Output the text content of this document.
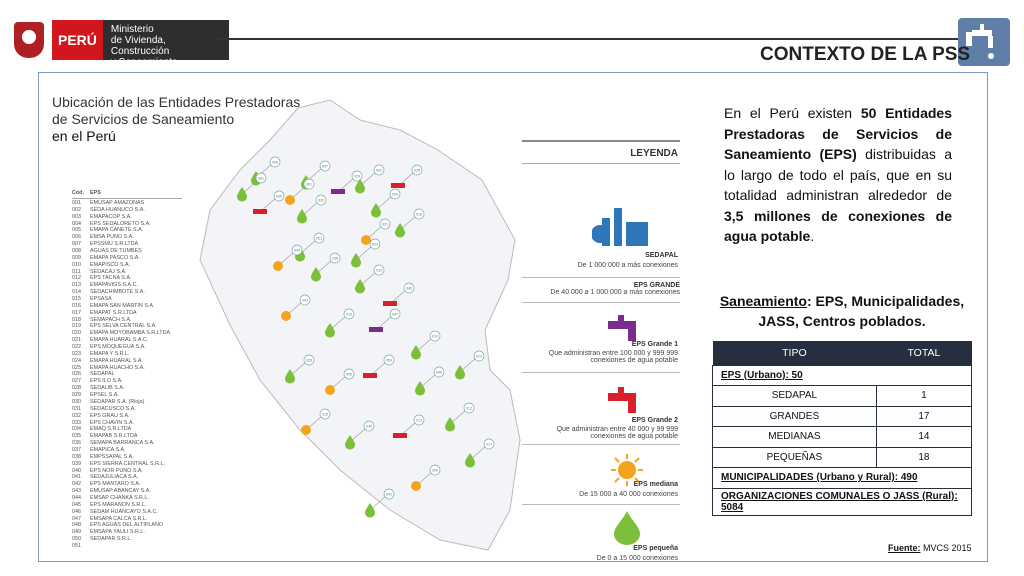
PERÚ
Ministerio
de Vivienda, Construcción
y Saneamiento	CONTEXTO DE LA PSS
Ubicación de las Entidades Prestadoras
de Servicios de Saneamiento
en el Perú
Cód.	EPS
001	EMUSAP AMAZONAS
002	SEDA HUANUCO S.A.
003	EMAPACOP S.A.
004	EPS SEDALORETO S.A.
005	EMAPA CAÑETE S.A.
006	EMSA PUNO S.A.
007	EPSSMU S.R.LTDA
008	AGUAS DE TUMBES
009	EMAPA PASCO S.A.
010	EMAPISCO S.A.
011	SEDACAJ S.A.
012	EPS TACNA S.A.
013	EMAPAVIGS S.A.C.
014	SEDACHIMBOTE S.A.
015	EPSASA
016	EMAPA SAN MARTIN S.A.
017	EMAPAT S.R.LTDA
018	SEMAPACH S.A.
019	EPS SELVA CENTRAL S.A.
020	EMAPA MOYOBAMBA S.R.LTDA
021	EMAPA HUARAL S.A.C.
022	EPS MOQUEGUA S.A.
023	EMAPA Y S.R.L.
024	EMAPA HUARAL S.A.
025	EMAPA HUACHO S.A.
026	SEDAPAL
027	EPS ILO S.A.
028	SEDALIB S.A.
029	EPSEL S.A.
030	SEDAPAR S.A. (Rioja)
031	SEDACUSCO S.A.
032	EPS GRAU S.A.
033	EPS CHAVIN S.A.
034	EMAQ S.R.LTDA
035	EMAPAB S.R.LTDA
036	SEMAPA BARRANCA S.A.
037	EMAPICA S.A.
038	EMPSSAPAL S.A.
039	EPS SIERRA CENTRAL S.R.L.
040	EPS NOR PUNO S.A.
041	SEDAJULIACA S.A.
042	EPS MANTARO S.A.
043	EMUSAP ABANCAY S.A.
044	EMSAP CHANKA S.R.L.
045	EPS MARAÑON S.R.L.
046	SEDAM HUANCAYO S.A.C.
047	EMSAPA CALCA S.R.L.
048	EPS AGUAS DEL ALTIPLANO
049	EMSAPA YAULI S.R.L.
050	SEDAPAR S.R.L.
051
006
041
035
007
001
032
029
004
002	028
018
021
023
051
044
036
033
045
043
016	047
010
026
005
050
046
022
015
040
013
012
017
009
042
LEYENDA
SEDAPAL
De 1 000 000 a más conexiones
EPS GRANDE
De 40 000 a 1 000 000 a más conexiones
EPS Grande 1
Que administran entre 100 000 y 999 999 conexiones de agua potable
EPS Grande 2
Que administran entre 40 000 y 99 999 conexiones de agua potable
EPS mediana
De 15 000 a 40 000 conexiones
EPS pequeña
De 0 a 15 000 conexiones
En el Perú existen 50 Entidades Prestadoras de Servicios de Saneamiento (EPS) distribuidas a lo largo de todo el país, que en su totalidad administran alrededor de 3,5 millones de conexiones de agua potable.
Saneamiento: EPS, Municipalidades, JASS, Centros poblados.
TIPO	TOTAL
EPS (Urbano): 50	
SEDAPAL	1
GRANDES	17
MEDIANAS	14
PEQUEÑAS	18
MUNICIPALIDADES (Urbano y Rural): 490	
ORGANIZACIONES COMUNALES O JASS (Rural): 5084	
Fuente: MVCS 2015
